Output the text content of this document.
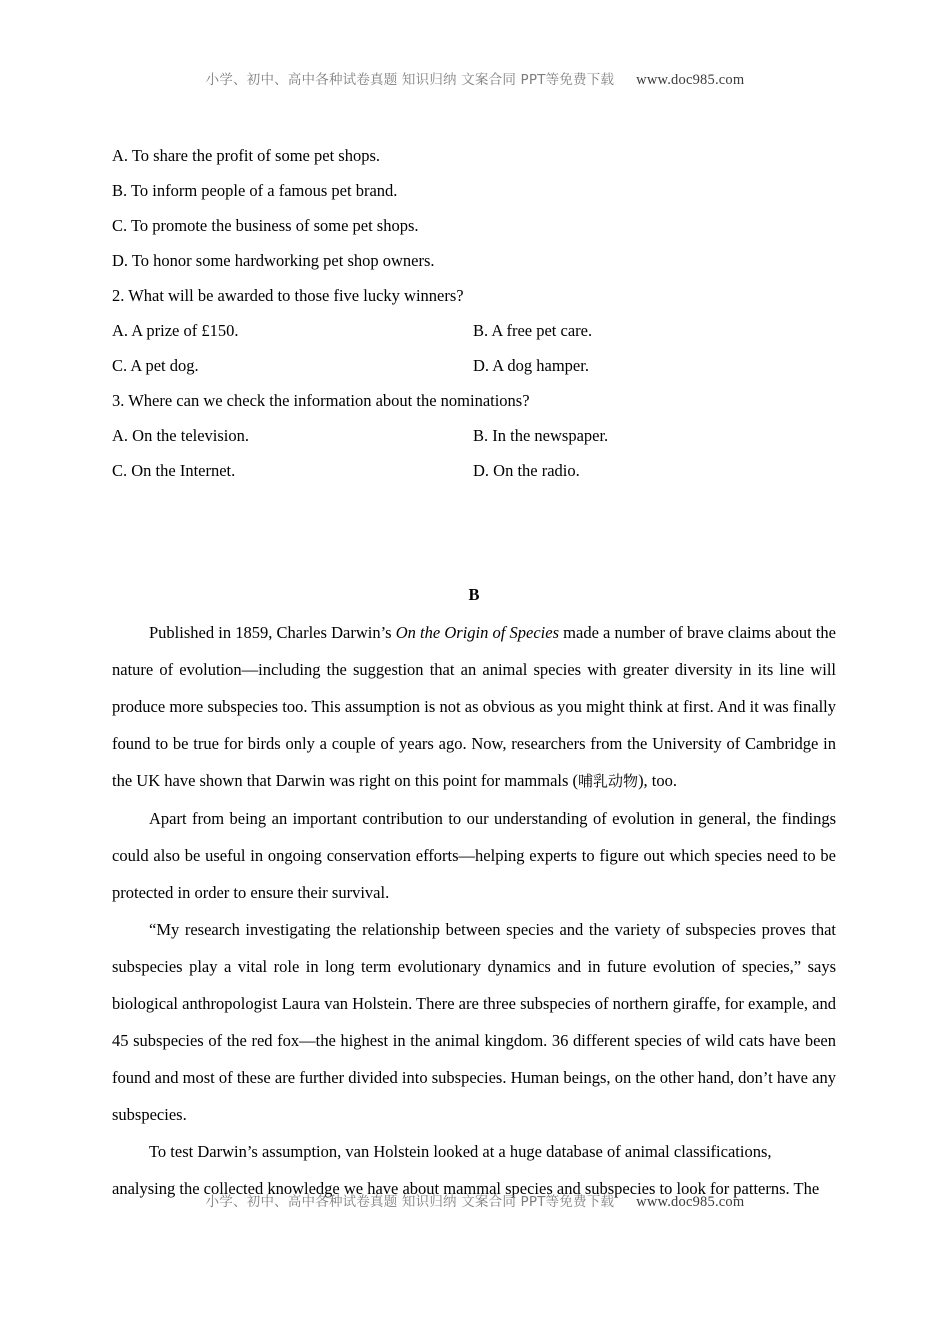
小学、初中、高中各种试卷真题 知识归纳 文案合同 PPT等免费下载 www.doc985.com
A. To share the profit of some pet shops.
B. To inform people of a famous pet brand.
C. To promote the business of some pet shops.
D. To honor some hardworking pet shop owners.
2. What will be awarded to those five lucky winners?
A. A prize of £150.	B. A free pet care.
C. A pet dog.	D. A dog hamper.
3. Where can we check the information about the nominations?
A. On the television.	B. In the newspaper.
C. On the Internet.	D. On the radio.
B

Published in 1859, Charles Darwin’s On the Origin of Species made a number of brave claims about the nature of evolution—including the suggestion that an animal species with greater diversity in its line will produce more subspecies too. This assumption is not as obvious as you might think at first. And it was finally found to be true for birds only a couple of years ago. Now, researchers from the University of Cambridge in the UK have shown that Darwin was right on this point for mammals (哺乳动物), too.

Apart from being an important contribution to our understanding of evolution in general, the findings could also be useful in ongoing conservation efforts—helping experts to figure out which species need to be protected in order to ensure their survival.

“My research investigating the relationship between species and the variety of subspecies proves that subspecies play a vital role in long term evolutionary dynamics and in future evolution of species,” says biological anthropologist Laura van Holstein. There are three subspecies of northern giraffe, for example, and 45 subspecies of the red fox—the highest in the animal kingdom. 36 different species of wild cats have been found and most of these are further divided into subspecies. Human beings, on the other hand, don’t have any subspecies.

To test Darwin’s assumption, van Holstein looked at a huge database of animal classifications, analysing the collected knowledge we have about mammal species and subspecies to look for patterns. The

小学、初中、高中各种试卷真题 知识归纳 文案合同 PPT等免费下载 www.doc985.com
